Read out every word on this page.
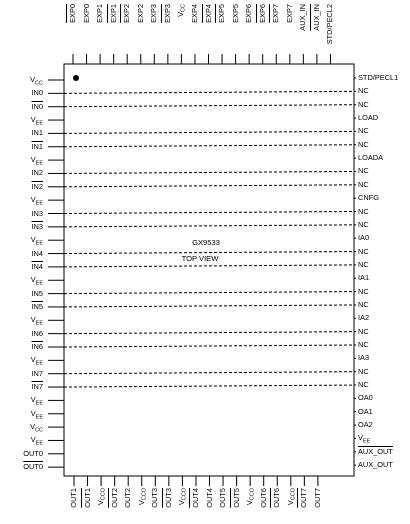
$V_{CC}$
IN0
IN0
$V_{EE}$
IN1
IN1
$V_{EE}$
IN2
IN2
$V_{EE}$
IN3
IN3
$V_{EE}$
IN4
IN4
$V_{EE}$
IN5
IN5
$V_{EE}$
IN6
IN6
$V_{EE}$
IN7
IN7
$V_{EE}$
$V_{EE}$
$V_{CC}$
$V_{EE}$
OUT0
OUT0
STD/PECL1
NC
NC
LOAD
NC
NC
LOADA
NC
NC
CNFG
NC
NC
IA0
NC
NC
IA1
NC
NC
IA2
NC
NC
IA3
NC
NC
OA0
OA1
OA2
$V_{EE}$
AUX_OUT
AUX_OUT
EXP0 EXP0 EXP1 EXP1 EXP2 EXP2 EXP3 EXP3 $V_{CC}$ EXP4 EXP4 EXP5 EXP5 EXP6 EXP6 EXP7 EXP7 AUX_IN AUX_IN STD/PECL2
OUT1 OUT1 $V_{CCO}$ OUT2 OUT2 $V_{CCO}$ OUT3 OUT3 $V_{CCO}$ OUT4 OUT4 OUT5 OUT5 $V_{CCO}$ OUT6 OUT6 $V_{CCO}$ OUT7 OUT7
GX9533
TOP VIEW
